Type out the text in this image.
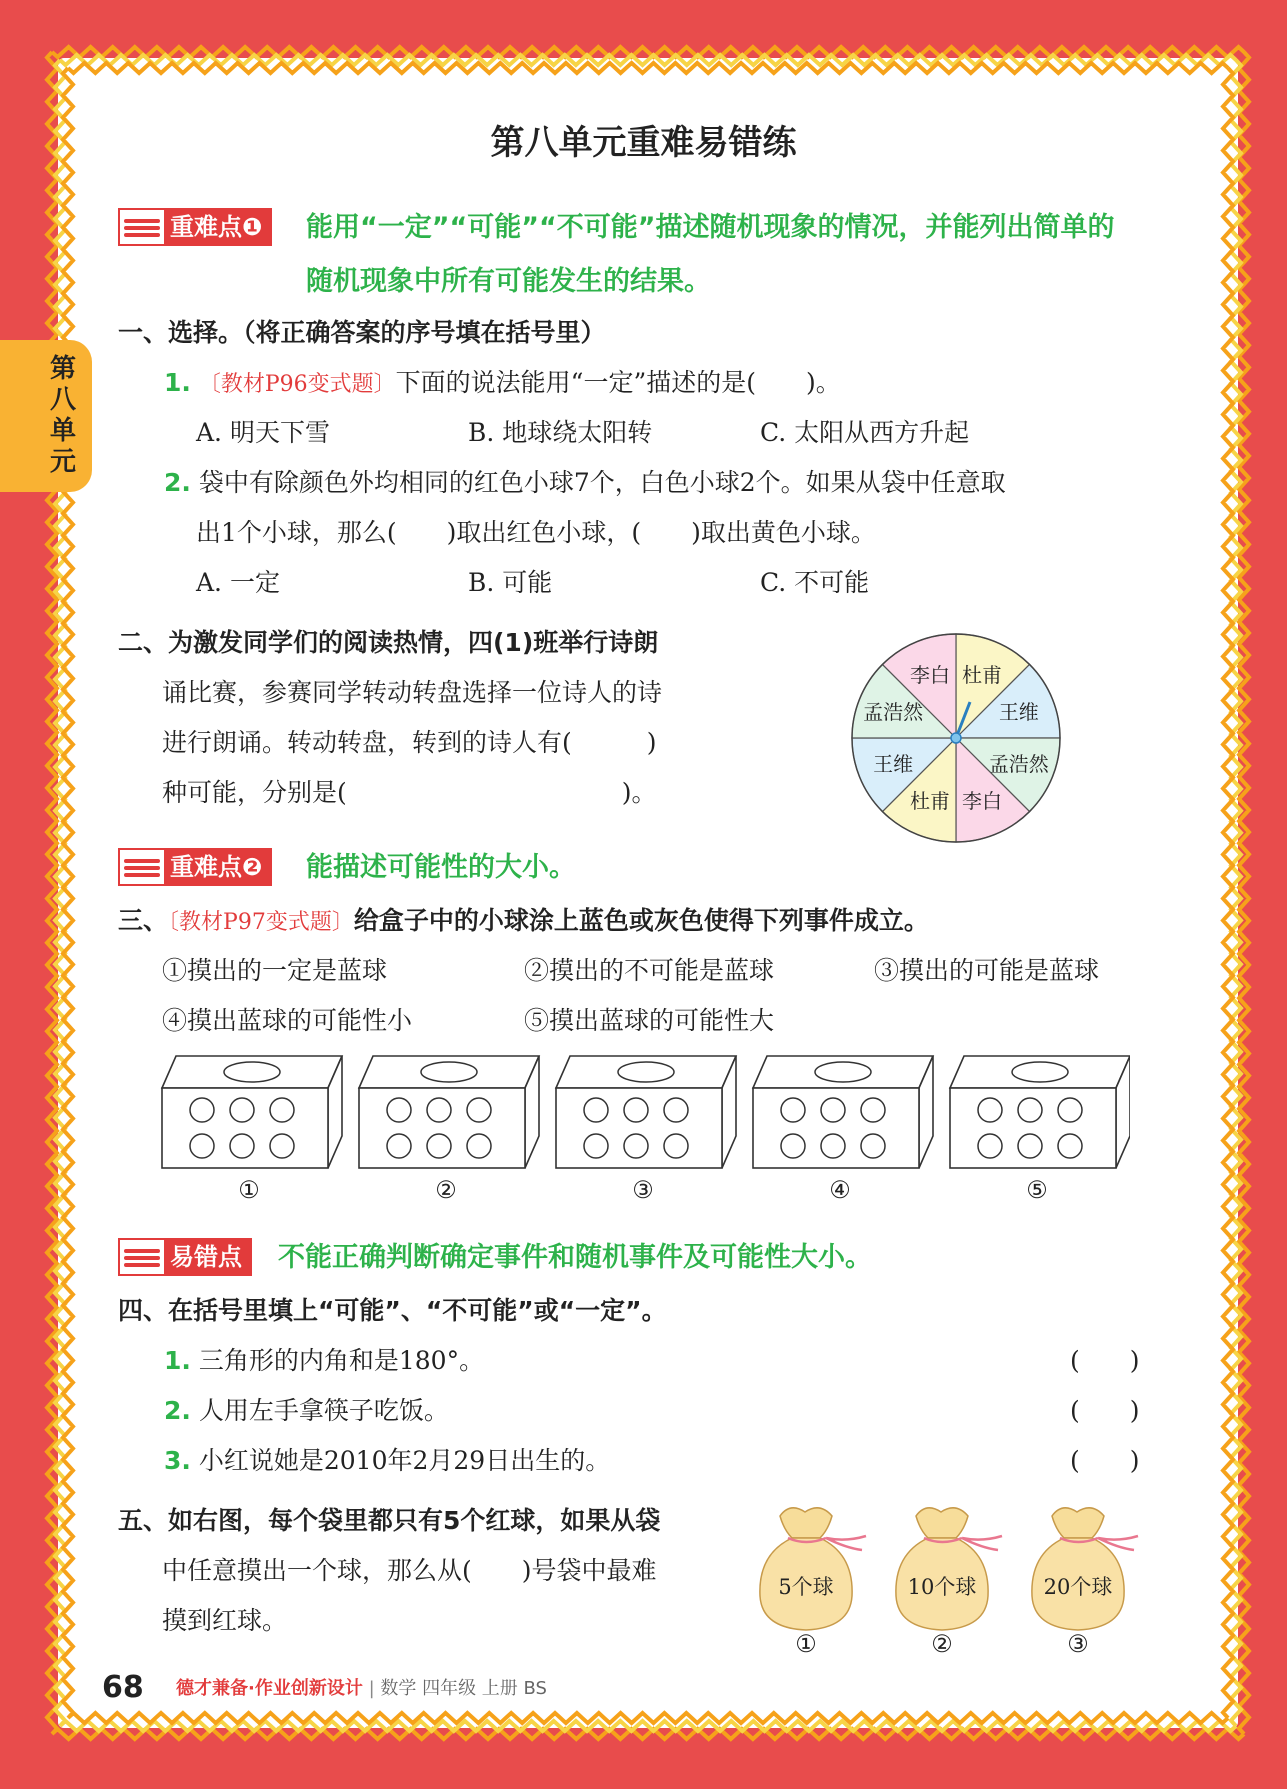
第八单元
第八单元重难易错练
重难点❶ 能用“一定”“可能”“不可能”描述随机现象的情况，并能列出简单的
随机现象中所有可能发生的结果。
一、选择。（将正确答案的序号填在括号里）
1. 〔教材P96变式题〕下面的说法能用“一定”描述的是(　　)。
A. 明天下雪	B. 地球绕太阳转	C. 太阳从西方升起
2. 袋中有除颜色外均相同的红色小球7个，白色小球2个。如果从袋中任意取
出1个小球，那么(　　)取出红色小球，(　　)取出黄色小球。
A. 一定	B. 可能	C. 不可能
二、为激发同学们的阅读热情，四(1)班举行诗朗
诵比赛，参赛同学转动转盘选择一位诗人的诗
进行朗诵。转动转盘，转到的诗人有(　　　)
种可能，分别是(　　　　　　　　　　　)。
杜甫
王维
孟浩然
李白
杜甫
王维
孟浩然
李白
重难点❷ 能描述可能性的大小。
三、〔教材P97变式题〕给盒子中的小球涂上蓝色或灰色使得下列事件成立。
①摸出的一定是蓝球	②摸出的不可能是蓝球	③摸出的可能是蓝球
④摸出蓝球的可能性小	⑤摸出蓝球的可能性大
①	②	③	④	⑤
易错点 不能正确判断确定事件和随机事件及可能性大小。
四、在括号里填上“可能”、“不可能”或“一定”。
1. 三角形的内角和是180°。	(　　)
2. 人用左手拿筷子吃饭。	(　　)
3. 小红说她是2010年2月29日出生的。	(　　)
五、如右图，每个袋里都只有5个红球，如果从袋
中任意摸出一个球，那么从(　　)号袋中最难
摸到红球。
5个球
①
10个球
②
20个球
③
68 德才兼备·作业创新设计 | 数学 四年级 上册 BS
